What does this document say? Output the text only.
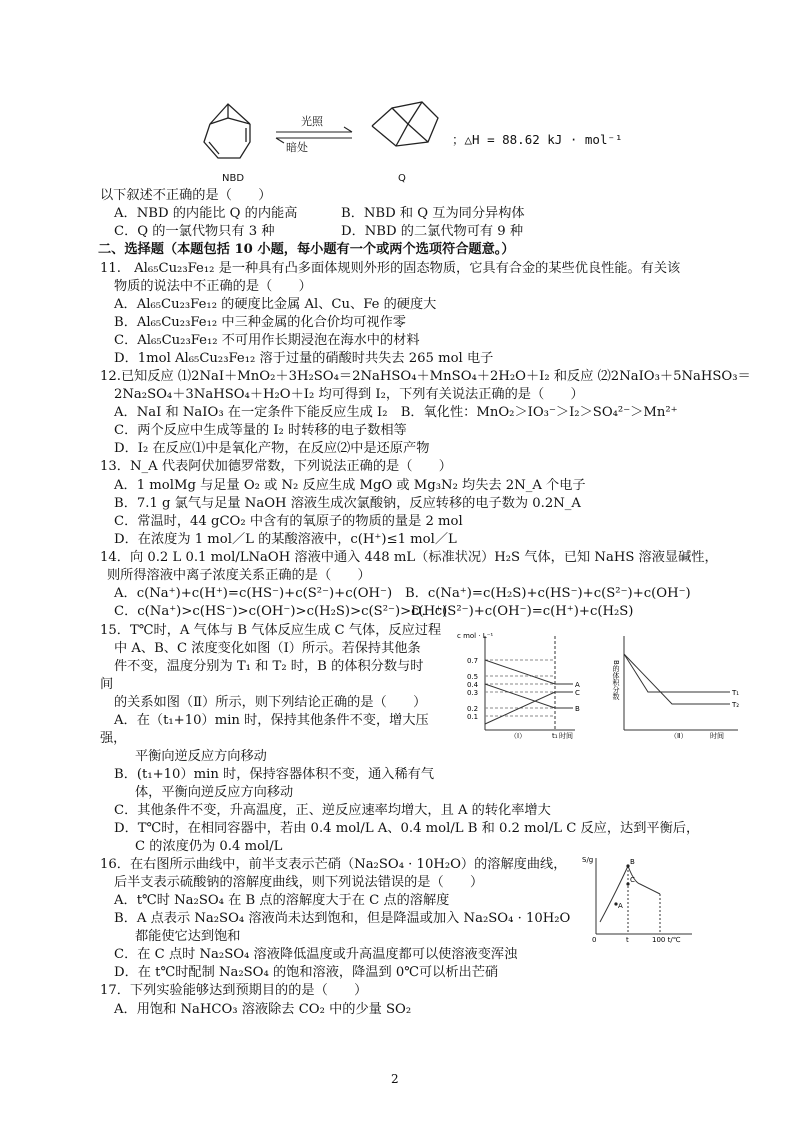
NBD
光照
暗处
Q
；△H = 88.62 kJ · mol⁻¹
以下叙述不正确的是（　　）
A．NBD 的内能比 Q 的内能高	B．NBD 和 Q 互为同分异构体
C．Q 的一氯代物只有 3 种	D．NBD 的二氯代物可有 9 种
二、选择题（本题包括 10 小题，每小题有一个或两个选项符合题意。）
11.　Al₆₅Cu₂₃Fe₁₂ 是一种具有凸多面体规则外形的固态物质，它具有合金的某些优良性能。有关该
物质的说法中不正确的是（　　）
A．Al₆₅Cu₂₃Fe₁₂ 的硬度比金属 Al、Cu、Fe 的硬度大
B．Al₆₅Cu₂₃Fe₁₂ 中三种金属的化合价均可视作零
C．Al₆₅Cu₂₃Fe₁₂ 不可用作长期浸泡在海水中的材料
D．1mol Al₆₅Cu₂₃Fe₁₂ 溶于过量的硝酸时共失去 265 mol 电子
12.已知反应 ⑴2NaI＋MnO₂＋3H₂SO₄＝2NaHSO₄＋MnSO₄＋2H₂O＋I₂ 和反应 ⑵2NaIO₃＋5NaHSO₃＝
2Na₂SO₄＋3NaHSO₄＋H₂O＋I₂ 均可得到 I₂，下列有关说法正确的是（　　）
A．NaI 和 NaIO₃ 在一定条件下能反应生成 I₂　B．氧化性：MnO₂＞IO₃⁻＞I₂＞SO₄²⁻＞Mn²⁺
C．两个反应中生成等量的 I₂ 时转移的电子数相等
D．I₂ 在反应⑴中是氧化产物，在反应⑵中是还原产物
13．N_A 代表阿伏加德罗常数，下列说法正确的是（　　）
A．1 molMg 与足量 O₂ 或 N₂ 反应生成 MgO 或 Mg₃N₂ 均失去 2N_A 个电子
B．7.1 g 氯气与足量 NaOH 溶液生成次氯酸钠，反应转移的电子数为 0.2N_A
C．常温时，44 gCO₂ 中含有的氧原子的物质的量是 2 mol
D．在浓度为 1 mol／L 的某酸溶液中，c(H⁺)≤1 mol／L
14．向 0.2 L 0.1 mol/LNaOH 溶液中通入 448 mL（标准状况）H₂S 气体，已知 NaHS 溶液显碱性，
则所得溶液中离子浓度关系正确的是（　　）
A．c(Na⁺)+c(H⁺)=c(HS⁻)+c(S²⁻)+c(OH⁻) B．c(Na⁺)=c(H₂S)+c(HS⁻)+c(S²⁻)+c(OH⁻)
C．c(Na⁺)>c(HS⁻)>c(OH⁻)>c(H₂S)>c(S²⁻)>c(H⁺)
D．c(S²⁻)+c(OH⁻)=c(H⁺)+c(H₂S)
15．T℃时，A 气体与 B 气体反应生成 C 气体，反应过程
中 A、B、C 浓度变化如图（Ⅰ）所示。若保持其他条
件不变，温度分别为 T₁ 和 T₂ 时，B 的体积分数与时
间
的关系如图（Ⅱ）所示，则下列结论正确的是（　　）
A．在（t₁+10）min 时，保持其他条件不变，增大压
强，
平衡向逆反应方向移动
B．(t₁+10）min 时，保持容器体积不变，通入稀有气
体，平衡向逆反应方向移动
C．其他条件不变，升高温度，正、逆反应速率均增大，且 A 的转化率增大
D．T℃时，在相同容器中，若由 0.4 mol/L A、0.4 mol/L B 和 0.2 mol/L C 反应，达到平衡后，
C 的浓度仍为 0.4 mol/L
c mol · L⁻¹
0.7
0.5
0.4
0.3
0.2
0.1
A
C
B
t₁ 时间
（Ⅰ）
B的体积分数	T₁
T₂
（Ⅱ）	时间
16．在右图所示曲线中，前半支表示芒硝（Na₂SO₄ · 10H₂O）的溶解度曲线，
后半支表示硫酸钠的溶解度曲线，则下列说法错误的是（　　）
A．t℃时 Na₂SO₄ 在 B 点的溶解度大于在 C 点的溶解度
B．A 点表示 Na₂SO₄ 溶液尚未达到饱和，但是降温或加入 Na₂SO₄ · 10H₂O
都能使它达到饱和
C．在 C 点时 Na₂SO₄ 溶液降低温度或升高温度都可以使溶液变浑浊
D．在 t℃时配制 Na₂SO₄ 的饱和溶液，降温到 0℃可以析出芒硝
S/g	B
C
A
0	t	100 t/℃
17．下列实验能够达到预期目的的是（　　）
A．用饱和 NaHCO₃ 溶液除去 CO₂ 中的少量 SO₂
2
